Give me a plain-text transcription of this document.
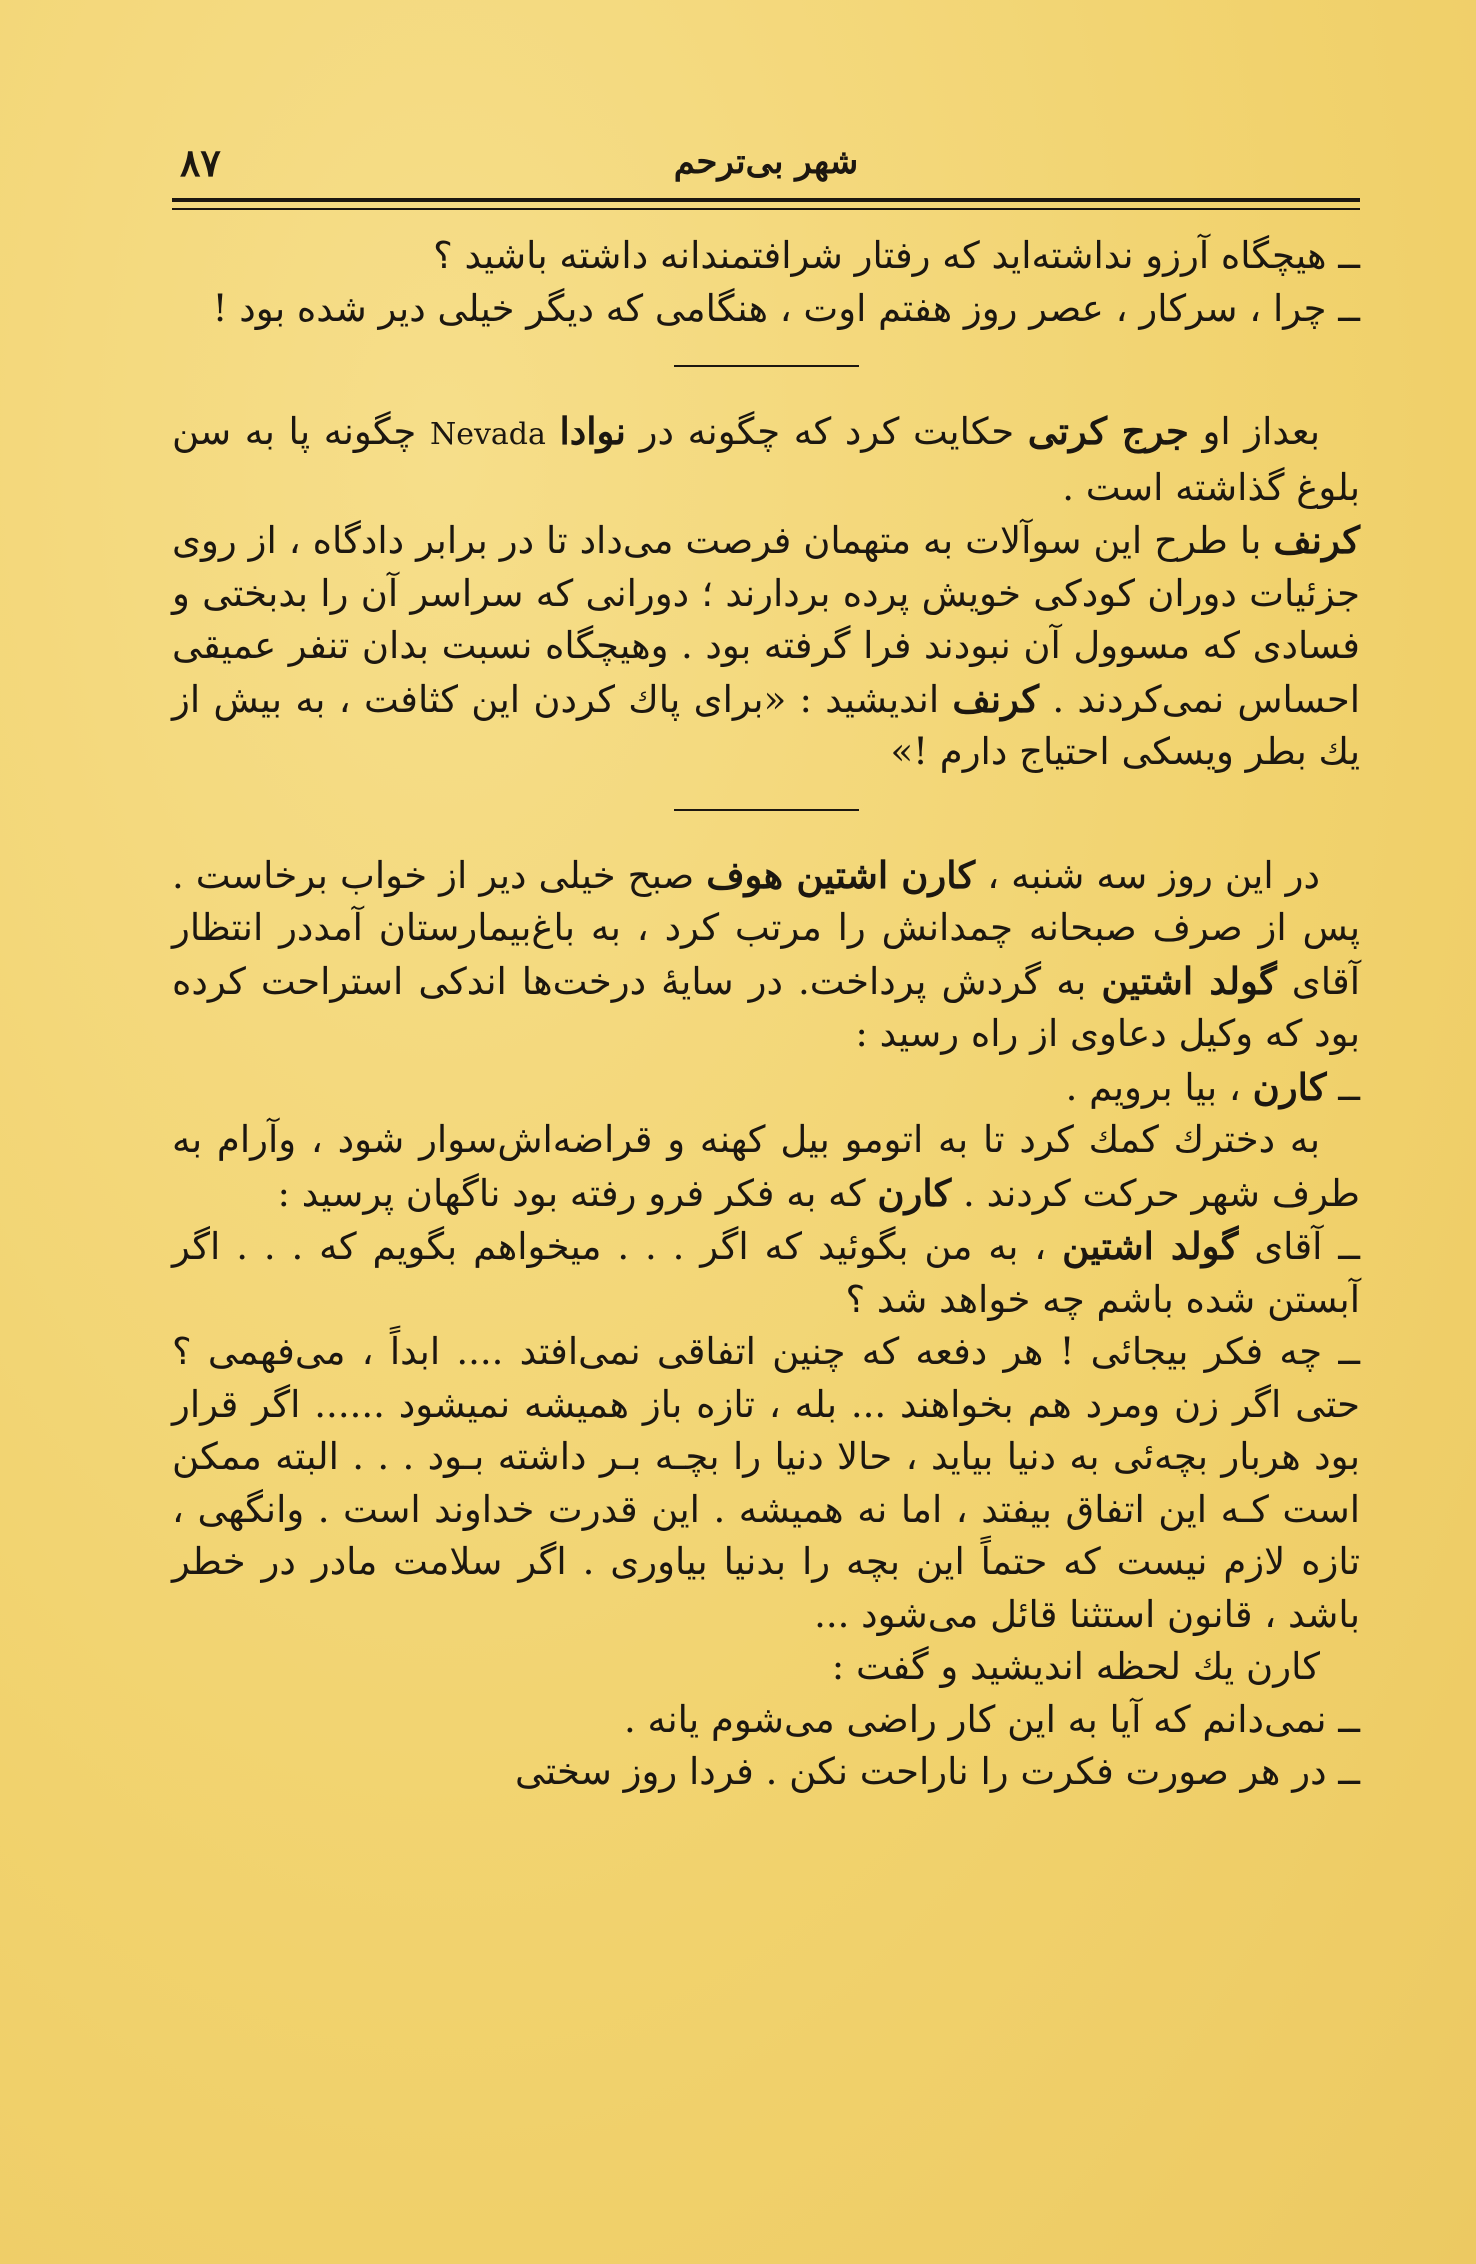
۸۷	شهر بی‌ترحم

ــ هیچگاه آرزو نداشته‌اید که رفتار شرافتمندانه داشته باشید ؟

ــ چرا ، سرکار ، عصر روز هفتم اوت ، هنگامی که دیگر خیلی دیر شده بود !

بعداز او جرج کرتی حکایت کرد که چگونه در نوادا Nevada چگونه پا به سن بلوغ گذاشته است .

کرنف با طرح این سوآلات به متهمان فرصت می‌داد تا در برابر دادگاه ، از روی جزئیات دوران کودکی خویش پرده بردارند ؛ دورانی که سراسر آن را بدبختی و فسادی که مسوول آن نبودند فرا گرفته بود . وهیچگاه نسبت بدان تنفر عمیقی احساس نمی‌کردند . کرنف اندیشید : «برای پاك کردن این کثافت ، به بیش از یك بطر ویسکی احتیاج دارم !»

در این روز سه شنبه ، کارن اشتین هوف صبح خیلی دیر از خواب برخاست . پس از صرف صبحانه چمدانش را مرتب کرد ، به باغ‌بیمارستان آمددر انتظار آقای گولد اشتین به گردش پرداخت. در سایهٔ درخت‌ها اندکی استراحت کرده بود که وکیل دعاوی از راه رسید :

ــ کارن ، بیا برویم .

به دخترك کمك کرد تا به اتومو بیل کهنه و قراضه‌اش‌سوار شود ، وآرام به طرف شهر حرکت کردند . کارن که به فکر فرو رفته بود ناگهان پرسید :

ــ آقای گولد اشتین ، به من بگوئید که اگر . . . میخواهم بگویم که . . . اگر آبستن شده باشم چه خواهد شد ؟

ــ چه فکر بیجائی ! هر دفعه که چنین اتفاقی نمی‌افتد .... ابداً ، می‌فهمی ؟ حتی اگر زن ومرد هم بخواهند ... بله ، تازه باز همیشه نمیشود ...... اگر قرار بود هربار بچه‌ئی به دنیا بیاید ، حالا دنیا را بچـه بـر داشته بـود . . . البته ممکن است کـه این اتفاق بیفتد ، اما نه همیشه . این قدرت خداوند است . وانگهی ، تازه لازم نیست که حتماً این بچه را بدنیا بیاوری . اگر سلامت مادر در خطر باشد ، قانون استثنا قائل می‌شود ...

کارن یك لحظه اندیشید و گفت :

ــ نمی‌دانم که آیا به این کار راضی می‌شوم یانه .

ــ در هر صورت فکرت را ناراحت نکن . فردا روز سختی
